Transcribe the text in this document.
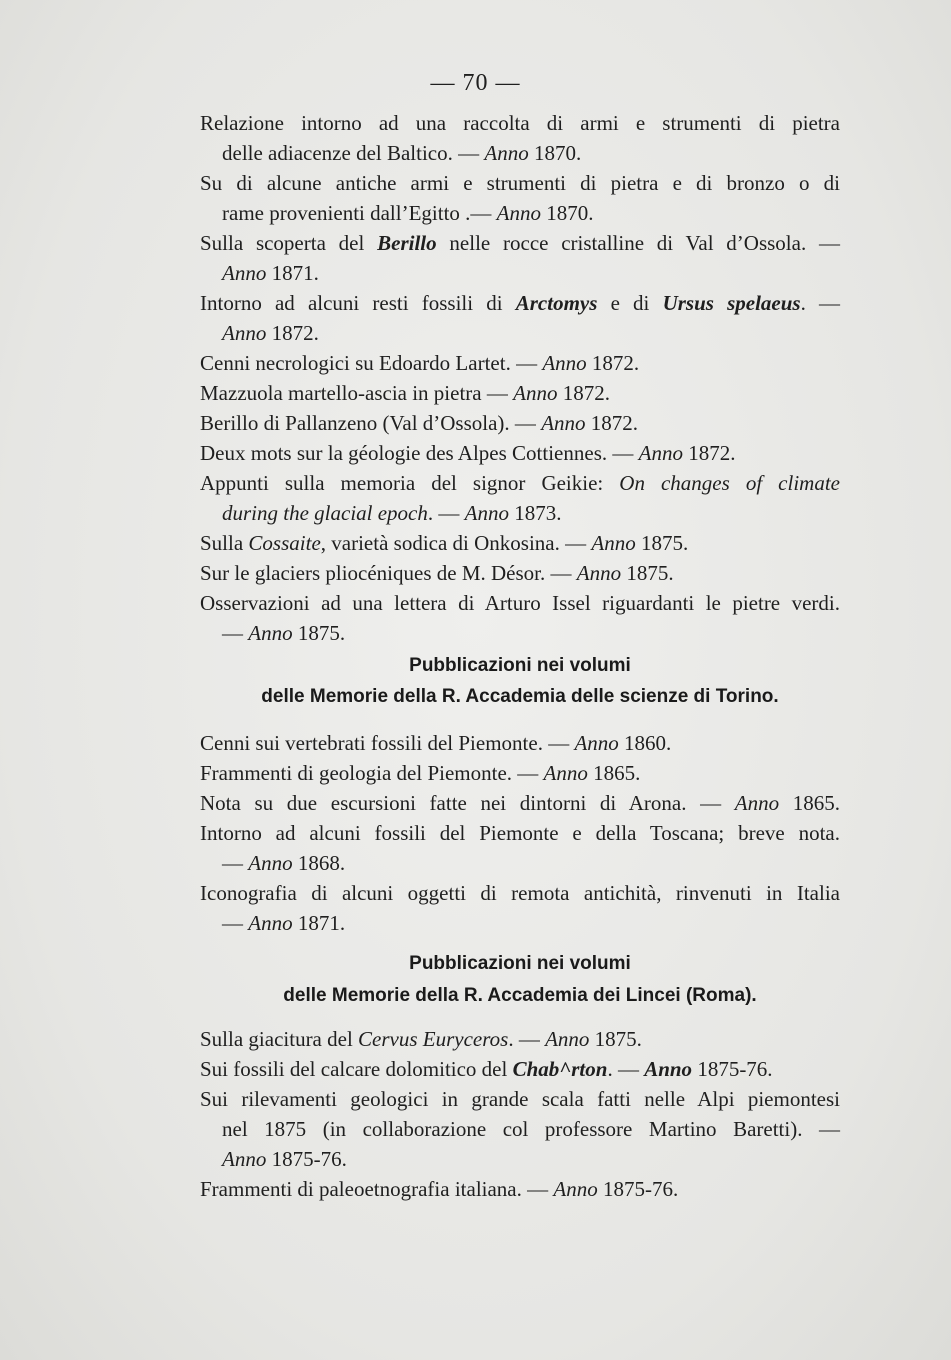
— 70 —
Relazione intorno ad una raccolta di armi e strumenti di pietra
delle adiacenze del Baltico. — Anno 1870.
Su di alcune antiche armi e strumenti di pietra e di bronzo o di
rame provenienti dall’Egitto .— Anno 1870.
Sulla scoperta del Berillo nelle rocce cristalline di Val d’Ossola. —
Anno 1871.
Intorno ad alcuni resti fossili di Arctomys e di Ursus spelaeus. —
Anno 1872.
Cenni necrologici su Edoardo Lartet. — Anno 1872.
Mazzuola martello-ascia in pietra — Anno 1872.
Berillo di Pallanzeno (Val d’Ossola). — Anno 1872.
Deux mots sur la géologie des Alpes Cottiennes. — Anno 1872.
Appunti sulla memoria del signor Geikie: On changes of climate
during the glacial epoch. — Anno 1873.
Sulla Cossaite, varietà sodica di Onkosina. — Anno 1875.
Sur le glaciers pliocéniques de M. Désor. — Anno 1875.
Osservazioni ad una lettera di Arturo Issel riguardanti le pietre verdi.
— Anno 1875.
Pubblicazioni nei volumi
delle Memorie della R. Accademia delle scienze di Torino.
Cenni sui vertebrati fossili del Piemonte. — Anno 1860.
Frammenti di geologia del Piemonte. — Anno 1865.
Nota su due escursioni fatte nei dintorni di Arona. — Anno 1865.
Intorno ad alcuni fossili del Piemonte e della Toscana; breve nota.
— Anno 1868.
Iconografia di alcuni oggetti di remota antichità, rinvenuti in Italia
— Anno 1871.
Pubblicazioni nei volumi
delle Memorie della R. Accademia dei Lincei (Roma).
Sulla giacitura del Cervus Euryceros. — Anno 1875.
Sui fossili del calcare dolomitico del Chab^rton. — Anno 1875-76.
Sui rilevamenti geologici in grande scala fatti nelle Alpi piemontesi
nel 1875 (in collaborazione col professore Martino Baretti). —
Anno 1875-76.
Frammenti di paleoetnografia italiana. — Anno 1875-76.
